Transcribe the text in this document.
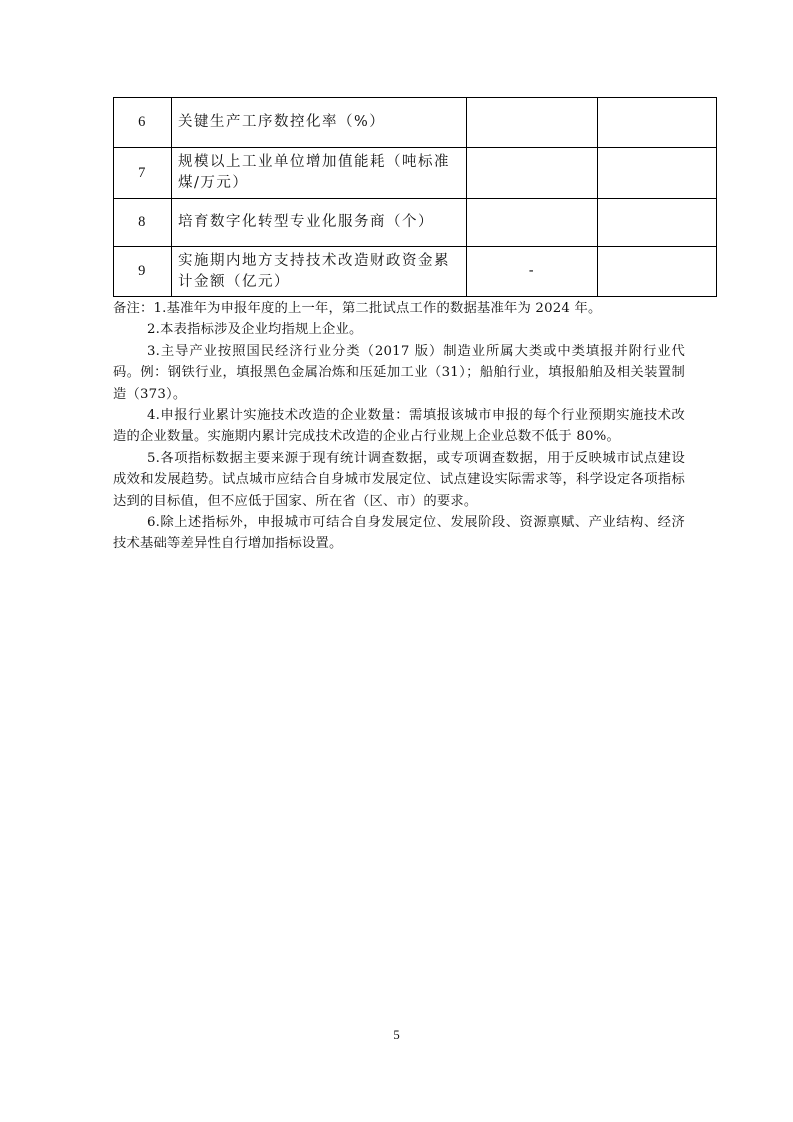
6	关键生产工序数控化率（%）		
7	规模以上工业单位增加值能耗（吨标准煤/万元）		
8	培育数字化转型专业化服务商（个）		
9	实施期内地方支持技术改造财政资金累计金额（亿元）	-	

备注：1.基准年为申报年度的上一年，第二批试点工作的数据基准年为 2024 年。

2.本表指标涉及企业均指规上企业。

3.主导产业按照国民经济行业分类（2017 版）制造业所属大类或中类填报并附行业代码。例：钢铁行业，填报黑色金属冶炼和压延加工业（31）；船舶行业，填报船舶及相关装置制造（373）。

4.申报行业累计实施技术改造的企业数量：需填报该城市申报的每个行业预期实施技术改造的企业数量。实施期内累计完成技术改造的企业占行业规上企业总数不低于 80%。

5.各项指标数据主要来源于现有统计调查数据，或专项调查数据，用于反映城市试点建设成效和发展趋势。试点城市应结合自身城市发展定位、试点建设实际需求等，科学设定各项指标达到的目标值，但不应低于国家、所在省（区、市）的要求。

6.除上述指标外，申报城市可结合自身发展定位、发展阶段、资源禀赋、产业结构、经济技术基础等差异性自行增加指标设置。

5
